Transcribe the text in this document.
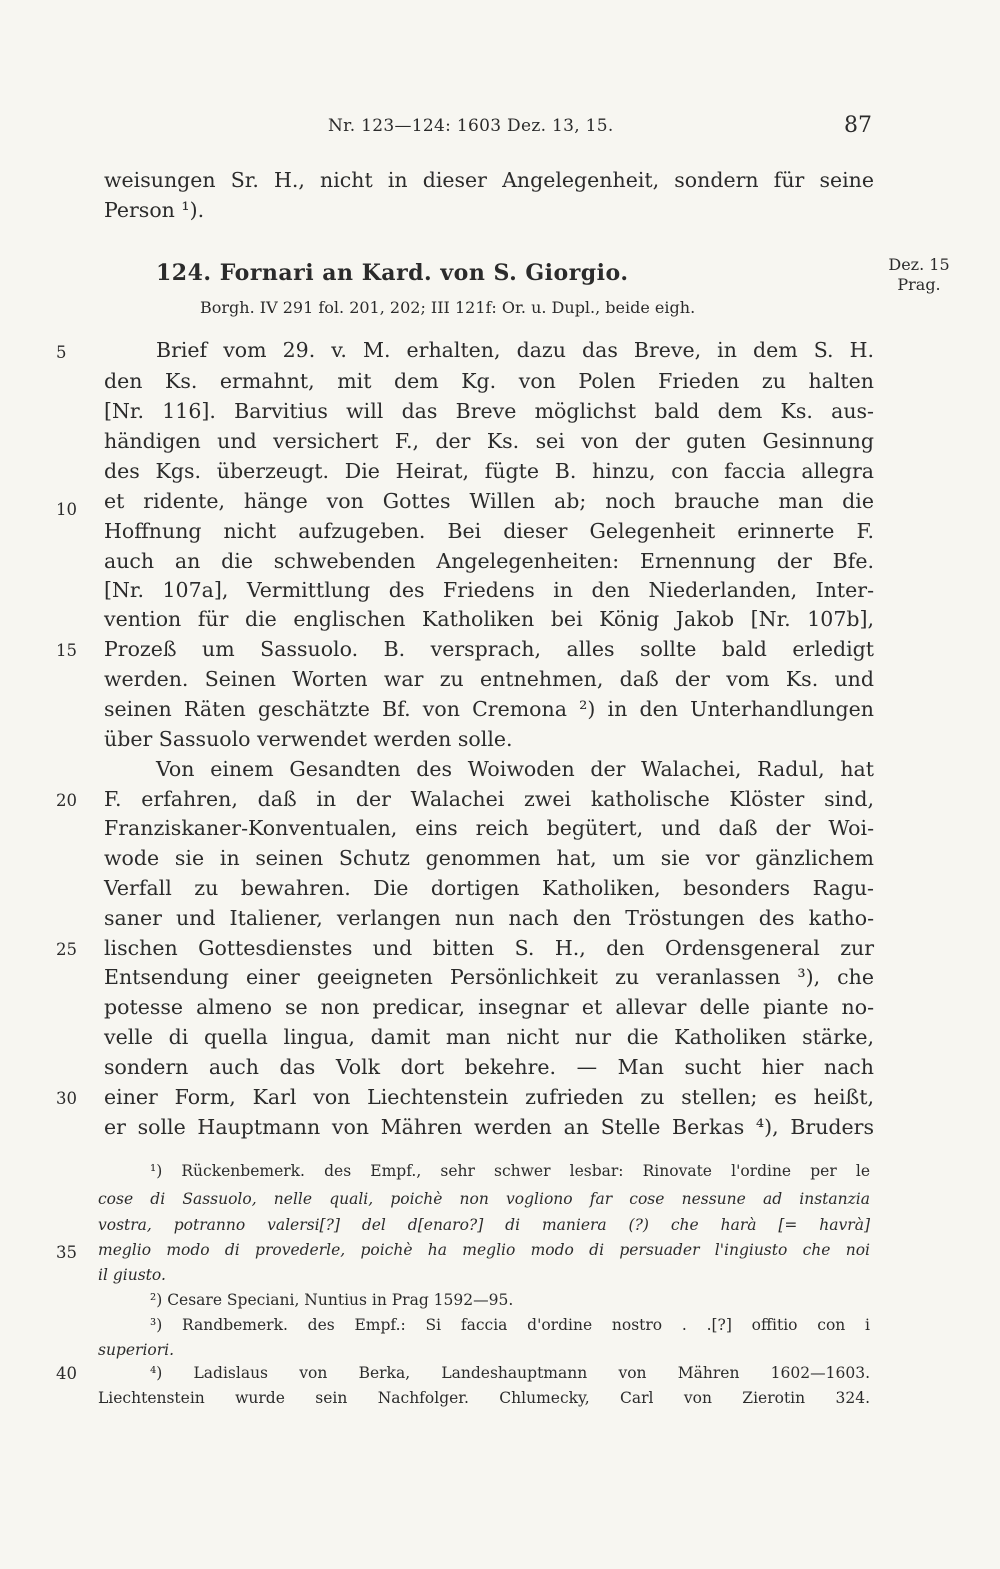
Nr. 123—124: 1603 Dez. 13, 15.	87
weisungen Sr. H., nicht in dieser Angelegenheit, sondern für seine
Person ¹).
124. Fornari an Kard. von S. Giorgio.
Borgh. IV 291 fol. 201, 202; III 121f: Or. u. Dupl., beide eigh.
Dez. 15
Prag.
5
10
15
20
25
30
35
40
Brief vom 29. v. M. erhalten, dazu das Breve, in dem S. H.
den Ks. ermahnt, mit dem Kg. von Polen Frieden zu halten
[Nr. 116]. Barvitius will das Breve möglichst bald dem Ks. aus-
händigen und versichert F., der Ks. sei von der guten Gesinnung
des Kgs. überzeugt. Die Heirat, fügte B. hinzu, con faccia allegra
et ridente, hänge von Gottes Willen ab; noch brauche man die
Hoffnung nicht aufzugeben. Bei dieser Gelegenheit erinnerte F.
auch an die schwebenden Angelegenheiten: Ernennung der Bfe.
[Nr. 107a], Vermittlung des Friedens in den Niederlanden, Inter-
vention für die englischen Katholiken bei König Jakob [Nr. 107b],
Prozeß um Sassuolo. B. versprach, alles sollte bald erledigt
werden. Seinen Worten war zu entnehmen, daß der vom Ks. und
seinen Räten geschätzte Bf. von Cremona ²) in den Unterhandlungen
über Sassuolo verwendet werden solle.
Von einem Gesandten des Woiwoden der Walachei, Radul, hat
F. erfahren, daß in der Walachei zwei katholische Klöster sind,
Franziskaner-Konventualen, eins reich begütert, und daß der Woi-
wode sie in seinen Schutz genommen hat, um sie vor gänzlichem
Verfall zu bewahren. Die dortigen Katholiken, besonders Ragu-
saner und Italiener, verlangen nun nach den Tröstungen des katho-
lischen Gottesdienstes und bitten S. H., den Ordensgeneral zur
Entsendung einer geeigneten Persönlichkeit zu veranlassen ³), che
potesse almeno se non predicar, insegnar et allevar delle piante no-
velle di quella lingua, damit man nicht nur die Katholiken stärke,
sondern auch das Volk dort bekehre. — Man sucht hier nach
einer Form, Karl von Liechtenstein zufrieden zu stellen; es heißt,
er solle Hauptmann von Mähren werden an Stelle Berkas ⁴), Bruders
¹) Rückenbemerk. des Empf., sehr schwer lesbar: Rinovate l'ordine per le
cose di Sassuolo, nelle quali, poichè non vogliono far cose nessune ad instanzia
vostra, potranno valersi[?] del d[enaro?] di maniera (?) che harà [= havrà]
meglio modo di provederle, poichè ha meglio modo di persuader l'ingiusto che noi
il giusto.
²) Cesare Speciani, Nuntius in Prag 1592—95.
³) Randbemerk. des Empf.: Si faccia d'ordine nostro . .[?] offitio con i
superiori.
⁴) Ladislaus von Berka, Landeshauptmann von Mähren 1602—1603.
Liechtenstein wurde sein Nachfolger. Chlumecky, Carl von Zierotin 324.
